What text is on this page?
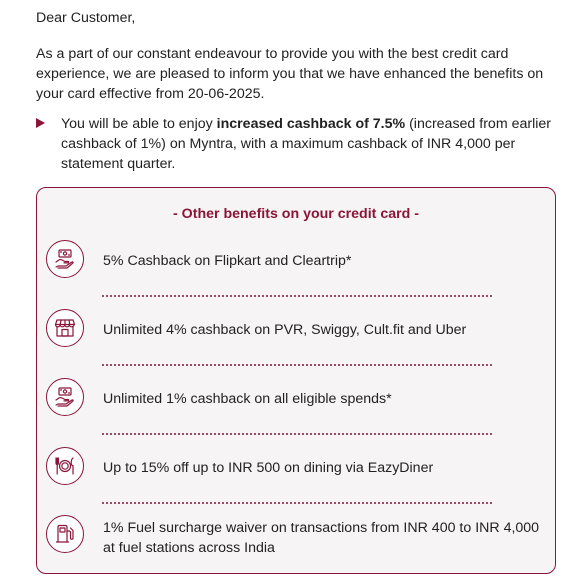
Dear Customer,

As a part of our constant endeavour to provide you with the best credit card experience, we are pleased to inform you that we have enhanced the benefits on your card effective from 20-06-2025.

You will be able to enjoy increased cashback of 7.5% (increased from earlier cashback of 1%) on Myntra, with a maximum cashback of INR 4,000 per statement quarter.

- Other benefits on your credit card -

5% Cashback on Flipkart and Cleartrip*

Unlimited 4% cashback on PVR, Swiggy, Cult.fit and Uber

Unlimited 1% cashback on all eligible spends*

Up to 15% off up to INR 500 on dining via EazyDiner

1% Fuel surcharge waiver on transactions from INR 400 to INR 4,000 at fuel stations across India
